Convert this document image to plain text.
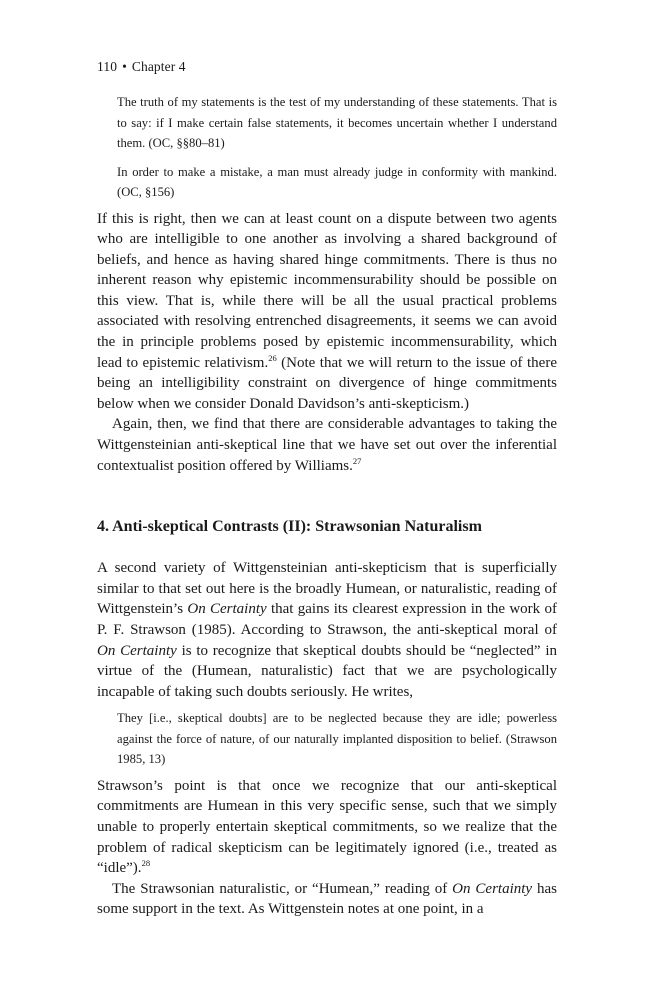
110 • Chapter 4

The truth of my statements is the test of my understanding of these statements. That is to say: if I make certain false statements, it becomes uncertain whether I understand them. (OC, §§80–81)

In order to make a mistake, a man must already judge in conformity with mankind. (OC, §156)

If this is right, then we can at least count on a dispute between two agents who are intelligible to one another as involving a shared background of beliefs, and hence as having shared hinge commitments. There is thus no inherent reason why epistemic incommensurability should be possible on this view. That is, while there will be all the usual practical problems associated with resolving entrenched disagreements, it seems we can avoid the in principle problems posed by epistemic incommensurability, which lead to epistemic relativism.$^{26}$ (Note that we will return to the issue of there being an intelligibility constraint on divergence of hinge commitments below when we consider Donald Davidson’s anti-skepticism.)

Again, then, we find that there are considerable advantages to taking the Wittgensteinian anti-skeptical line that we have set out over the inferential contextualist position offered by Williams.$^{27}$

4. Anti-skeptical Contrasts (II): Strawsonian Naturalism

A second variety of Wittgensteinian anti-skepticism that is superficially similar to that set out here is the broadly Humean, or naturalistic, reading of Wittgenstein’s On Certainty that gains its clearest expression in the work of P. F. Strawson (1985). According to Strawson, the anti-skeptical moral of On Certainty is to recognize that skeptical doubts should be “neglected” in virtue of the (Humean, naturalistic) fact that we are psychologically incapable of taking such doubts seriously. He writes,

They [i.e., skeptical doubts] are to be neglected because they are idle; powerless against the force of nature, of our naturally implanted disposition to belief. (Strawson 1985, 13)

Strawson’s point is that once we recognize that our anti-skeptical commitments are Humean in this very specific sense, such that we simply unable to properly entertain skeptical commitments, so we realize that the problem of radical skepticism can be legitimately ignored (i.e., treated as “idle”).$^{28}$

The Strawsonian naturalistic, or “Humean,” reading of On Certainty has some support in the text. As Wittgenstein notes at one point, in a
